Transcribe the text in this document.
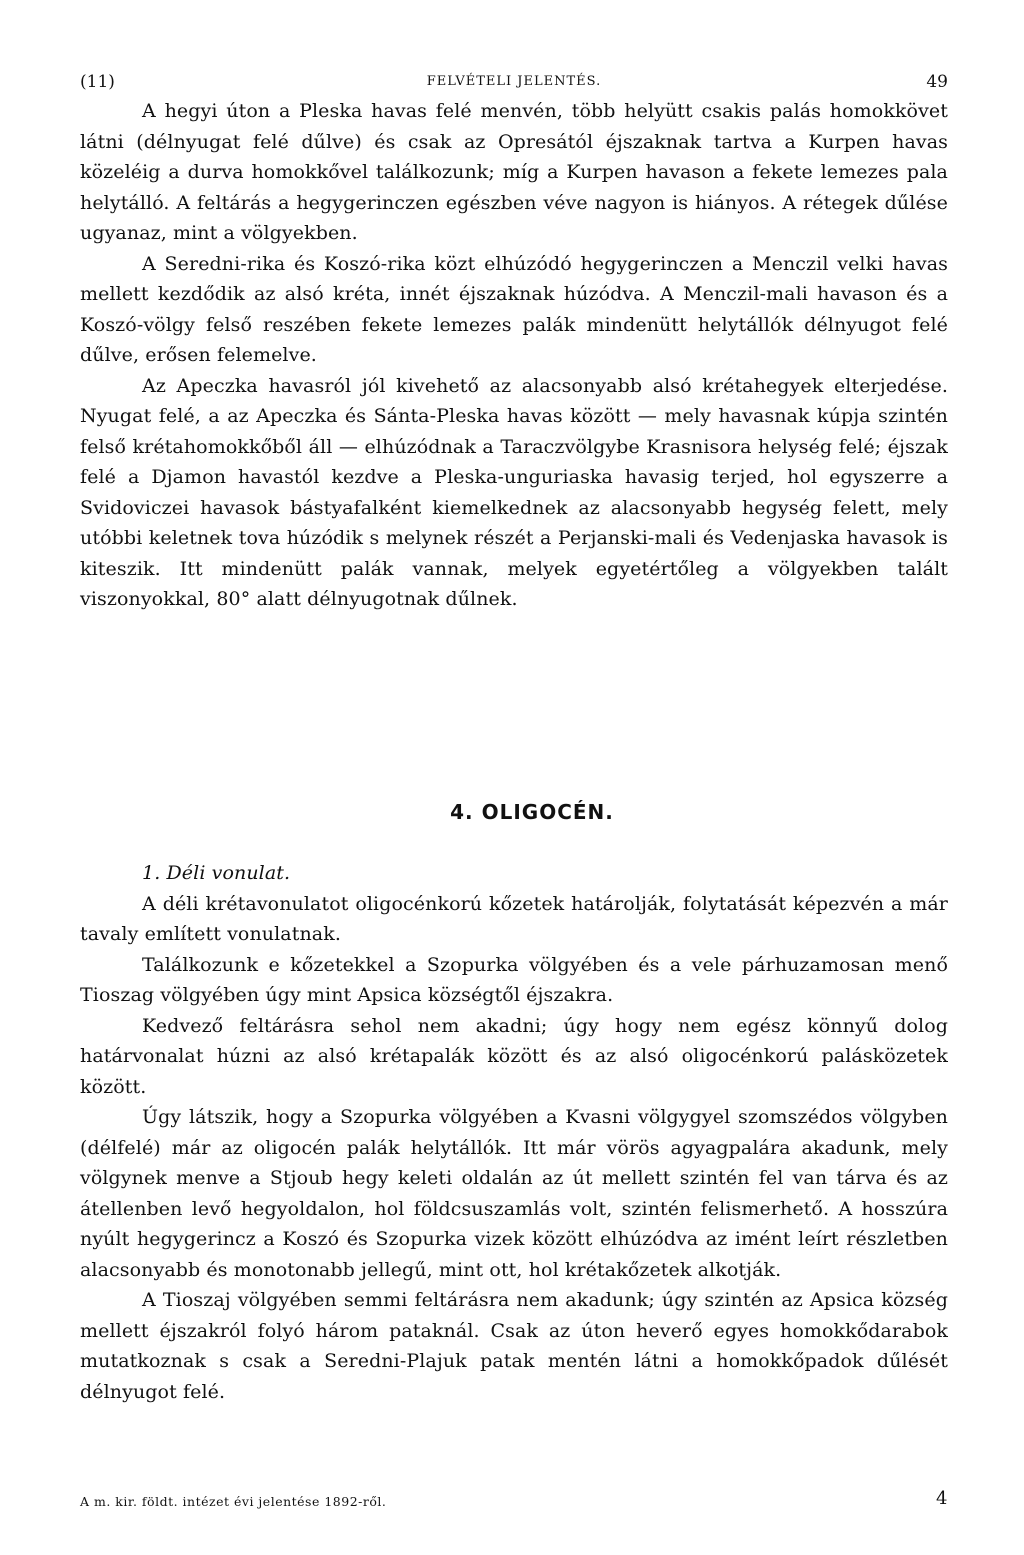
(11)	FELVÉTELI JELENTÉS.	49

A hegyi úton a Pleska havas felé menvén, több helyütt csakis palás homokkövet látni (délnyugat felé dűlve) és csak az Opresától éjszaknak tartva a Kurpen havas közeléig a durva homokkővel találkozunk; míg a Kurpen havason a fekete lemezes pala helytálló. A feltárás a hegygerinczen egészben véve nagyon is hiányos. A rétegek dűlése ugyanaz, mint a völgyekben.

A Seredni-rika és Koszó-rika közt elhúzódó hegygerinczen a Menczil velki havas mellett kezdődik az alsó kréta, innét éjszaknak húzódva. A Menczil-mali havason és a Koszó-völgy felső reszében fekete lemezes palák mindenütt helytállók délnyugot felé dűlve, erősen felemelve.

Az Apeczka havasról jól kivehető az alacsonyabb alsó krétahegyek elterjedése. Nyugat felé, a az Apeczka és Sánta-Pleska havas között — mely havasnak kúpja szintén felső krétahomokkőből áll — elhúzódnak a Taraczvölgybe Krasnisora helység felé; éjszak felé a Djamon havastól kezdve a Pleska-unguriaska havasig terjed, hol egyszerre a Svidoviczei havasok bástyafalként kiemelkednek az alacsonyabb hegység felett, mely utóbbi keletnek tova húzódik s melynek részét a Perjanski-mali és Vedenjaska havasok is kiteszik. Itt mindenütt palák vannak, melyek egyetértőleg a völgyekben talált viszonyokkal, 80° alatt délnyugotnak dűlnek.

4. OLIGOCÉN.

1. Déli vonulat.

A déli krétavonulatot oligocénkorú kőzetek határolják, folytatását képezvén a már tavaly említett vonulatnak.

Találkozunk e kőzetekkel a Szopurka völgyében és a vele párhuzamosan menő Tioszag völgyében úgy mint Apsica községtől éjszakra.

Kedvező feltárásra sehol nem akadni; úgy hogy nem egész könnyű dolog határvonalat húzni az alsó krétapalák között és az alsó oligocénkorú palásközetek között.

Úgy látszik, hogy a Szopurka völgyében a Kvasni völgygyel szomszédos völgyben (délfelé) már az oligocén palák helytállók. Itt már vörös agyagpalára akadunk, mely völgynek menve a Stjoub hegy keleti oldalán az út mellett szintén fel van tárva és az átellenben levő hegyoldalon, hol földcsuszamlás volt, szintén felismerhető. A hosszúra nyúlt hegygerincz a Koszó és Szopurka vizek között elhúzódva az imént leírt részletben alacsonyabb és monotonabb jellegű, mint ott, hol krétakőzetek alkotják.

A Tioszaj völgyében semmi feltárásra nem akadunk; úgy szintén az Apsica község mellett éjszakról folyó három pataknál. Csak az úton heverő egyes homokkődarabok mutatkoznak s csak a Seredni-Plajuk patak mentén látni a homokkőpadok dűlését délnyugot felé.

A m. kir. földt. intézet évi jelentése 1892-ről.	4
